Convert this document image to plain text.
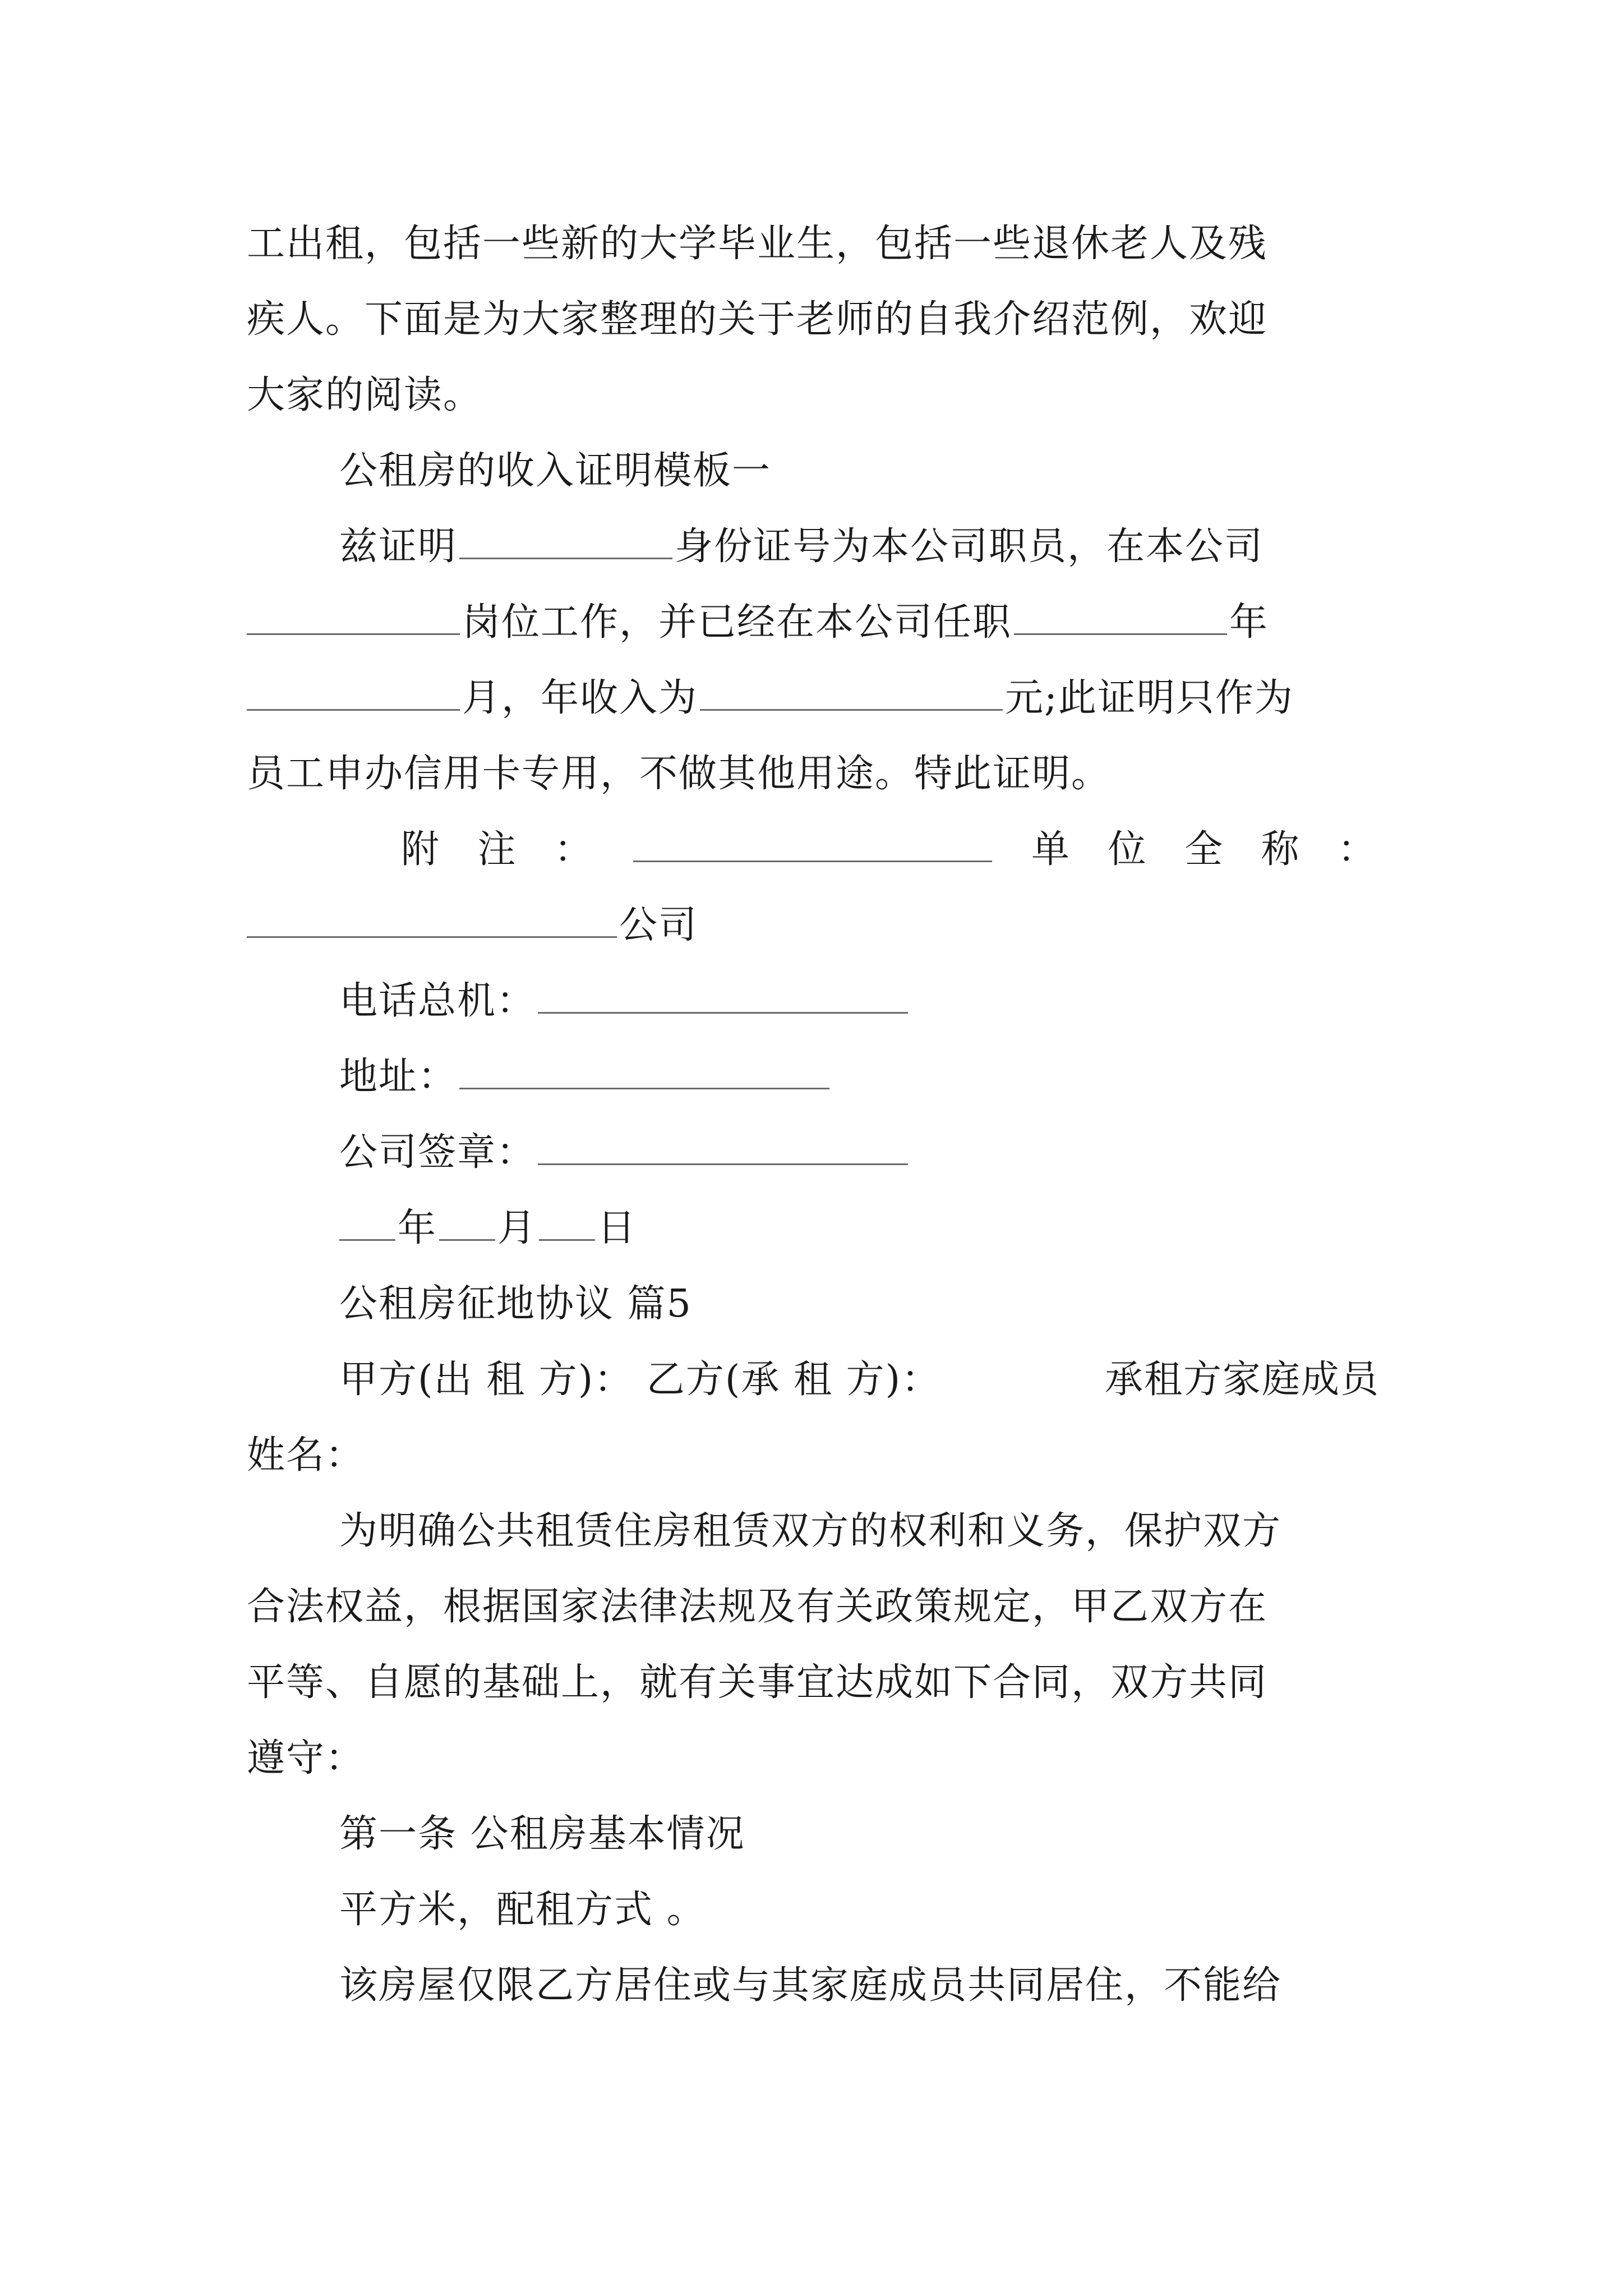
工出租，包括一些新的大学毕业生，包括一些退休老人及残
疾人。下面是为大家整理的关于老师的自我介绍范例，欢迎
大家的阅读。
公租房的收入证明模板一
兹证明	身份证号为本公司职员，在本公司
岗位工作，并已经在本公司任职	年
月，年收入为	元;此证明只作为
员工申办信用卡专用，不做其他用途。特此证明。
附 注 ：	单 位 全 称 ：
公司
电话总机：
地址：
公司签章：
年 月 日
公租房征地协议 篇5
甲方(出 租 方)： 乙方(承 租 方)：	承租方家庭成员
姓名：
为明确公共租赁住房租赁双方的权利和义务，保护双方
合法权益，根据国家法律法规及有关政策规定，甲乙双方在
平等、自愿的基础上，就有关事宜达成如下合同，双方共同
遵守：
第一条 公租房基本情况
平方米，配租方式 。
该房屋仅限乙方居住或与其家庭成员共同居住，不能给
